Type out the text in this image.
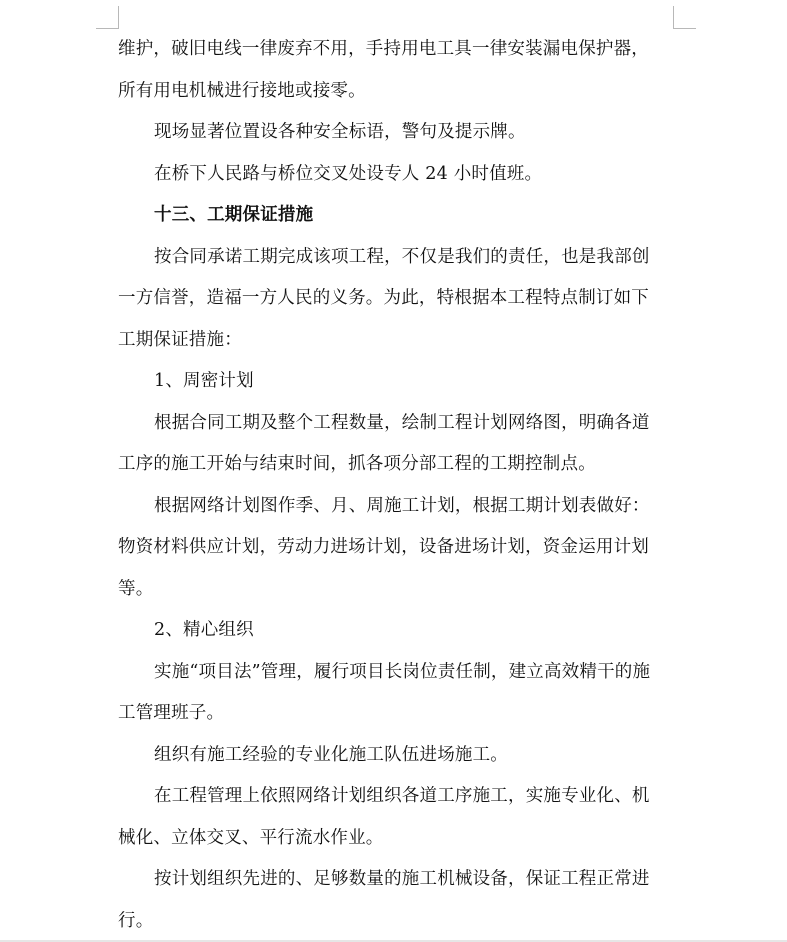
维护，破旧电线一律废弃不用，手持用电工具一律安装漏电保护器，
所有用电机械进行接地或接零。
现场显著位置设各种安全标语，警句及提示牌。
在桥下人民路与桥位交叉处设专人 24 小时值班。
十三、工期保证措施
按合同承诺工期完成该项工程，不仅是我们的责任，也是我部创
一方信誉，造福一方人民的义务。为此，特根据本工程特点制订如下
工期保证措施：
1、周密计划
根据合同工期及整个工程数量，绘制工程计划网络图，明确各道
工序的施工开始与结束时间，抓各项分部工程的工期控制点。
根据网络计划图作季、月、周施工计划，根据工期计划表做好：
物资材料供应计划，劳动力进场计划，设备进场计划，资金运用计划
等。
2、精心组织
实施“项目法”管理，履行项目长岗位责任制，建立高效精干的施
工管理班子。
组织有施工经验的专业化施工队伍进场施工。
在工程管理上依照网络计划组织各道工序施工，实施专业化、机
械化、立体交叉、平行流水作业。
按计划组织先进的、足够数量的施工机械设备，保证工程正常进
行。
